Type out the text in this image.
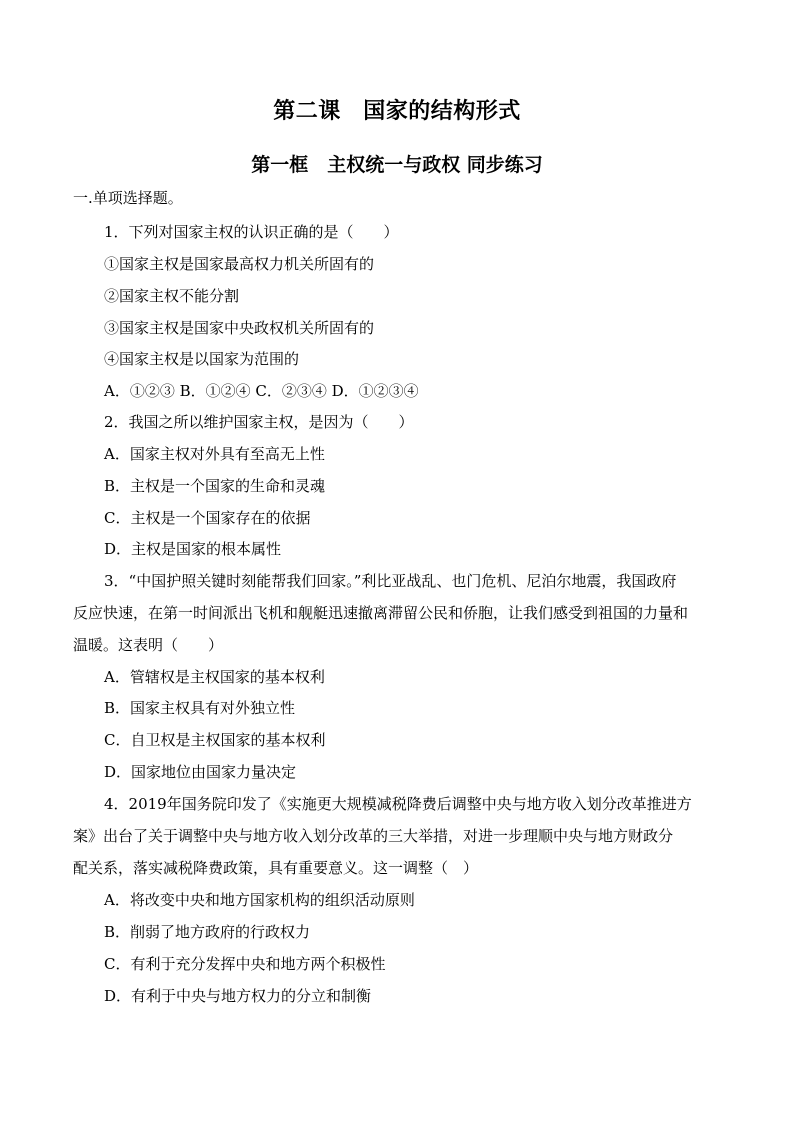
第二课　国家的结构形式
第一框　主权统一与政权 同步练习
一.单项选择题。
1．下列对国家主权的认识正确的是（　　）
①国家主权是国家最高权力机关所固有的
②国家主权不能分割
③国家主权是国家中央政权机关所固有的
④国家主权是以国家为范围的
A．①②③ B．①②④ C．②③④ D．①②③④
2．我国之所以维护国家主权，是因为（　　）
A．国家主权对外具有至高无上性
B．主权是一个国家的生命和灵魂
C．主权是一个国家存在的依据
D．主权是国家的根本属性
3．“中国护照关键时刻能帮我们回家。”利比亚战乱、也门危机、尼泊尔地震，我国政府
反应快速，在第一时间派出飞机和舰艇迅速撤离滞留公民和侨胞，让我们感受到祖国的力量和
温暖。这表明（　　）
A．管辖权是主权国家的基本权利
B．国家主权具有对外独立性
C．自卫权是主权国家的基本权利
D．国家地位由国家力量决定
4．2019年国务院印发了《实施更大规模减税降费后调整中央与地方收入划分改革推进方
案》出台了关于调整中央与地方收入划分改革的三大举措，对进一步理顺中央与地方财政分
配关系，落实减税降费政策，具有重要意义。这一调整（　）
A．将改变中央和地方国家机构的组织活动原则
B．削弱了地方政府的行政权力
C．有利于充分发挥中央和地方两个积极性
D．有利于中央与地方权力的分立和制衡
